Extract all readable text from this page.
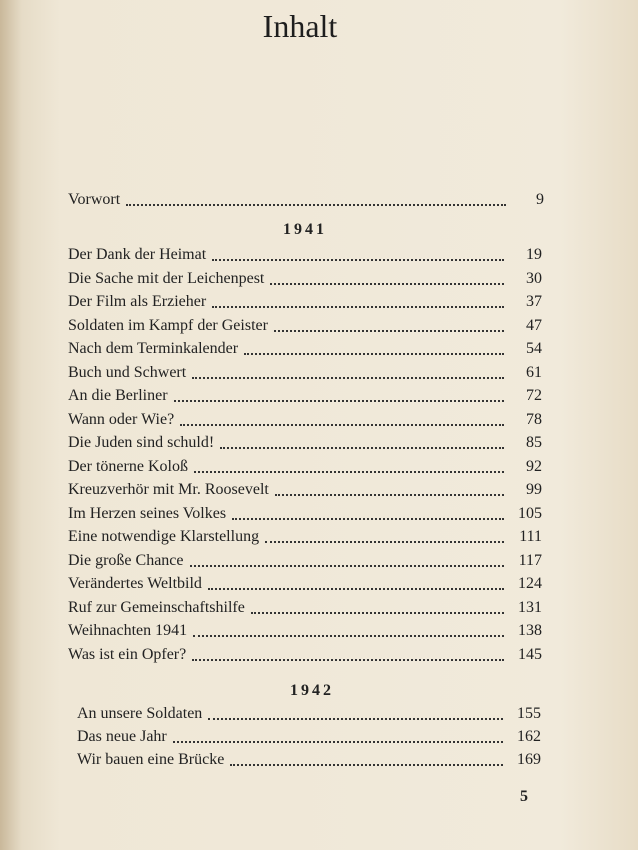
Inhalt
Vorwort	9
1941
Der Dank der Heimat	19
Die Sache mit der Leichenpest	30
Der Film als Erzieher	37
Soldaten im Kampf der Geister	47
Nach dem Terminkalender	54
Buch und Schwert	61
An die Berliner	72
Wann oder Wie?	78
Die Juden sind schuld!	85
Der tönerne Koloß	92
Kreuzverhör mit Mr. Roosevelt	99
Im Herzen seines Volkes	105
Eine notwendige Klarstellung	111
Die große Chance	117
Verändertes Weltbild	124
Ruf zur Gemeinschaftshilfe	131
Weihnachten 1941	138
Was ist ein Opfer?	145
1942
An unsere Soldaten	155
Das neue Jahr	162
Wir bauen eine Brücke	169
5
